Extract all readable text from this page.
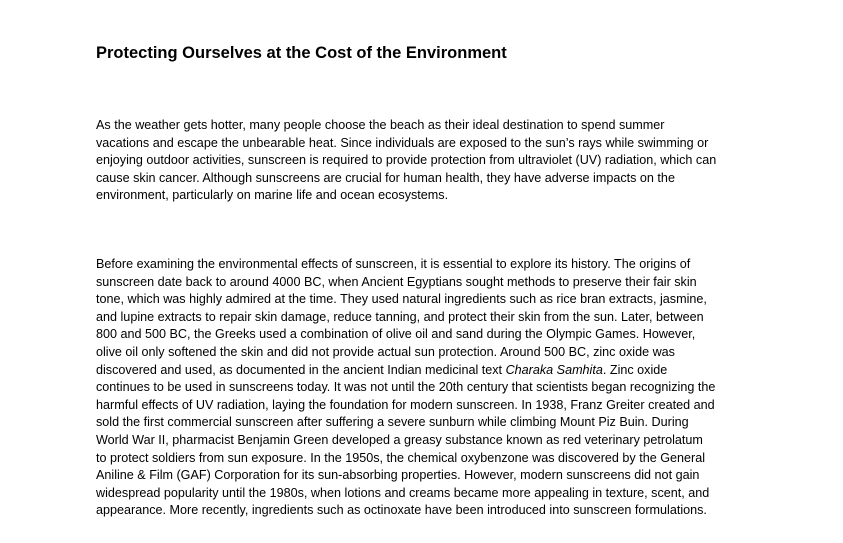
Protecting Ourselves at the Cost of the Environment

As the weather gets hotter, many people choose the beach as their ideal destination to spend summer
vacations and escape the unbearable heat. Since individuals are exposed to the sun’s rays while swimming or
enjoying outdoor activities, sunscreen is required to provide protection from ultraviolet (UV) radiation, which can
cause skin cancer. Although sunscreens are crucial for human health, they have adverse impacts on the
environment, particularly on marine life and ocean ecosystems.

Before examining the environmental effects of sunscreen, it is essential to explore its history. The origins of
sunscreen date back to around 4000 BC, when Ancient Egyptians sought methods to preserve their fair skin
tone, which was highly admired at the time. They used natural ingredients such as rice bran extracts, jasmine,
and lupine extracts to repair skin damage, reduce tanning, and protect their skin from the sun. Later, between
800 and 500 BC, the Greeks used a combination of olive oil and sand during the Olympic Games. However,
olive oil only softened the skin and did not provide actual sun protection. Around 500 BC, zinc oxide was
discovered and used, as documented in the ancient Indian medicinal text Charaka Samhita. Zinc oxide
continues to be used in sunscreens today. It was not until the 20th century that scientists began recognizing the
harmful effects of UV radiation, laying the foundation for modern sunscreen. In 1938, Franz Greiter created and
sold the first commercial sunscreen after suffering a severe sunburn while climbing Mount Piz Buin. During
World War II, pharmacist Benjamin Green developed a greasy substance known as red veterinary petrolatum
to protect soldiers from sun exposure. In the 1950s, the chemical oxybenzone was discovered by the General
Aniline & Film (GAF) Corporation for its sun-absorbing properties. However, modern sunscreens did not gain
widespread popularity until the 1980s, when lotions and creams became more appealing in texture, scent, and
appearance. More recently, ingredients such as octinoxate have been introduced into sunscreen formulations.
